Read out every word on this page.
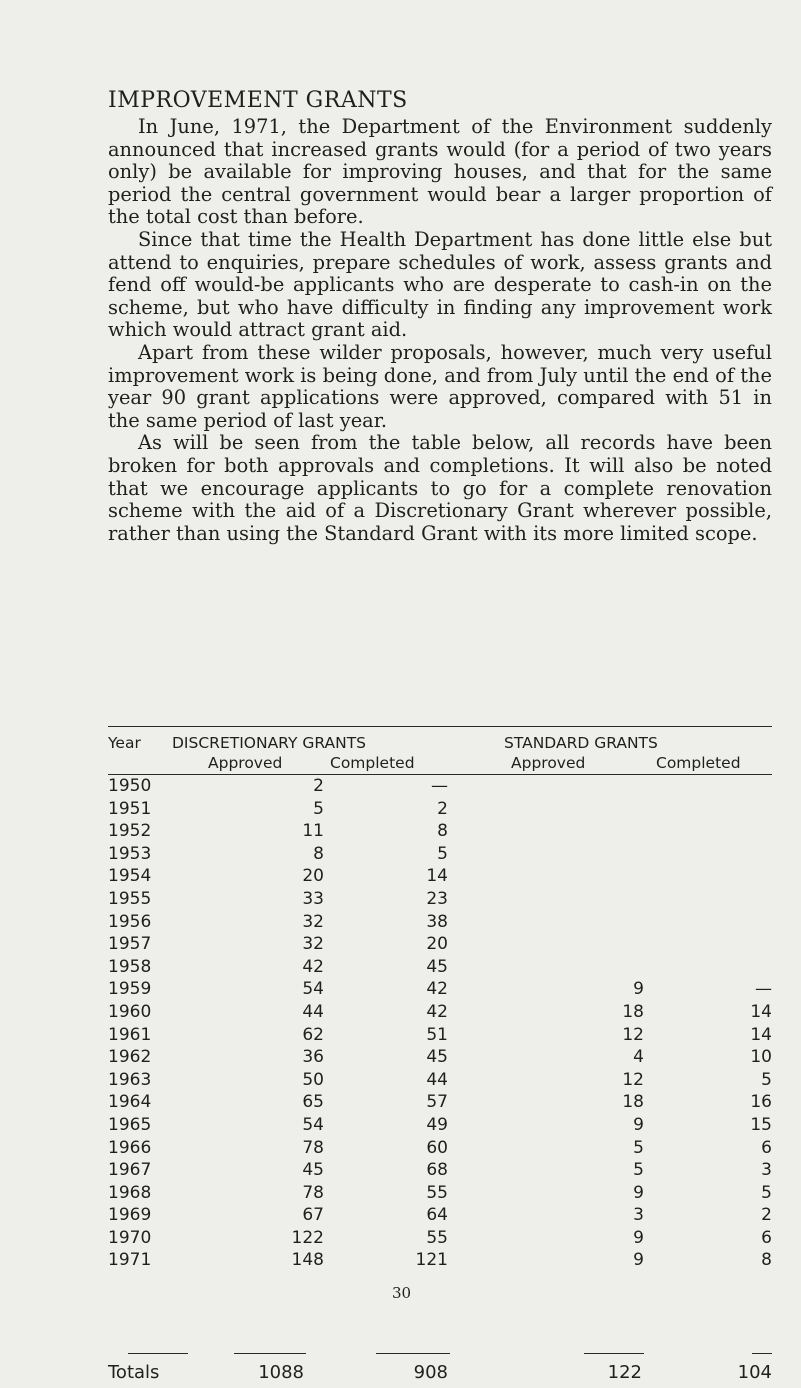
IMPROVEMENT GRANTS

In June, 1971, the Department of the Environment suddenly announced that increased grants would (for a period of two years only) be available for improving houses, and that for the same period the central government would bear a larger proportion of the total cost than before.

Since that time the Health Department has done little else but attend to enquiries, prepare schedules of work, assess grants and fend off would-be applicants who are desperate to cash-in on the scheme, but who have difficulty in finding any improvement work which would attract grant aid.

Apart from these wilder proposals, however, much very useful improvement work is being done, and from July until the end of the year 90 grant applications were approved, compared with 51 in the same period of last year.

As will be seen from the table below, all records have been broken for both approvals and completions. It will also be noted that we encourage applicants to go for a complete renovation scheme with the aid of a Discretionary Grant wherever possible, rather than using the Standard Grant with its more limited scope.

Year DISCRETIONARY GRANTS	STANDARD GRANTS
Approved	Completed	Approved	Completed
1950	2	—
1951	5	2
1952	11	8
1953	8	5
1954	20	14
1955	33	23
1956	32	38
1957	32	20
1958	42	45
1959	54	42	9	—
1960	44	42	18	14
1961	62	51	12	14
1962	36	45	4	10
1963	50	44	12	5
1964	65	57	18	16
1965	54	49	9	15
1966	78	60	5	6
1967	45	68	5	3
1968	78	55	9	5
1969	67	64	3	2
1970	122	55	9	6
1971	148	121	9	8
Totals	1088	908	122	104
30
